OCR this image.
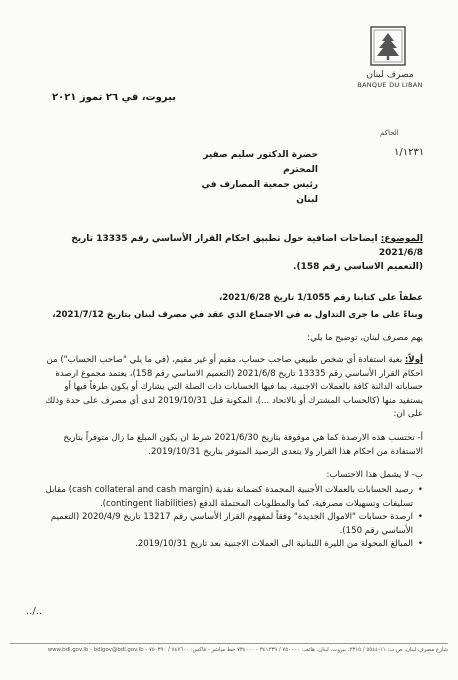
مصرف لبنان
BANQUE DU LIBAN
الحاكم
١/١٢٣١
بيروت، في ٢٦ تموز ٢٠٢١
حضرة الدكتور سليم صفير المحترم
رئيس جمعية المصارف في لبنان
الموضوع: ايضاحات اضافية حول تطبيق احكام القرار الأساسي رقم 13335 تاريخ 2021/6/8
(التعميم الاساسي رقم 158).
عطفاً على كتابنا رقم 1/1055 تاريخ 2021/6/28،
وبناءً على ما جرى التداول به في الاجتماع الذي عقد في مصرف لبنان بتاريخ 2021/7/12،
يهم مصرف لبنان، توضيح ما يلي:
أولاً: بغية استفادة أي شخص طبيعي صاحب حساب، مقيم أو غير مقيم، (في ما يلي "صاحب الحساب") من احكام القرار الأساسي رقم 13335 تاريخ 2021/6/8 (التعميم الاساسي رقم 158)، يعتمد مجموع ارصدة حساباته الدائنة كافة بالعملات الاجنبية، بما فيها الحسابات ذات الصلة التي يشارك أو يكون طرفاً فيها أو يستفيد منها (كالحساب المشترك أو بالاتحاد ...)، المكونة قبل 2019/10/31 لدى أي مصرف على حدة وذلك على ان:
أ- تحتسب هذه الارصدة كما هي موقوفة بتاريخ 2021/6/30 شرط ان يكون المبلغ ما زال متوفراً بتاريخ الاستفادة من احكام هذا القرار ولا يتعدى الرصيد المتوفر بتاريخ 2019/10/31.
ب- لا يشمل هذا الاحتساب:
• رصيد الحسابات بالعملات الأجنبية المجمدة كضمانة نقدية (cash collateral and cash margin) مقابل تسليفات وتسهيلات مصرفية، كما والمطلوبات المحتملة الدفع (contingent liabilities).
• ارصدة حسابات "الاموال الجديدة" وفقاً لمفهوم القرار الأساسي رقم 13217 تاريخ 2020/4/9 (التعميم الأساسي رقم 150).
• المبالغ المحولة من الليرة اللبنانية الى العملات الاجنبية بعد تاريخ 2019/10/31.
../..
شارع مصرف لبنان، ص.ب: ١١-٥٥٤٤ / ٢٣١٥، بيروت، لبنان. هاتف: ٧٥٠٠٠٠ / ٣٤١٢٣٩ - ٧٣٤٠٠٠ خط مباشر - فاكس: ٧٤٧٦٠٠ / ٧٥٠٣٩٠ - www.bdl.gov.lb - bdlgov@bdl.gov.lb
